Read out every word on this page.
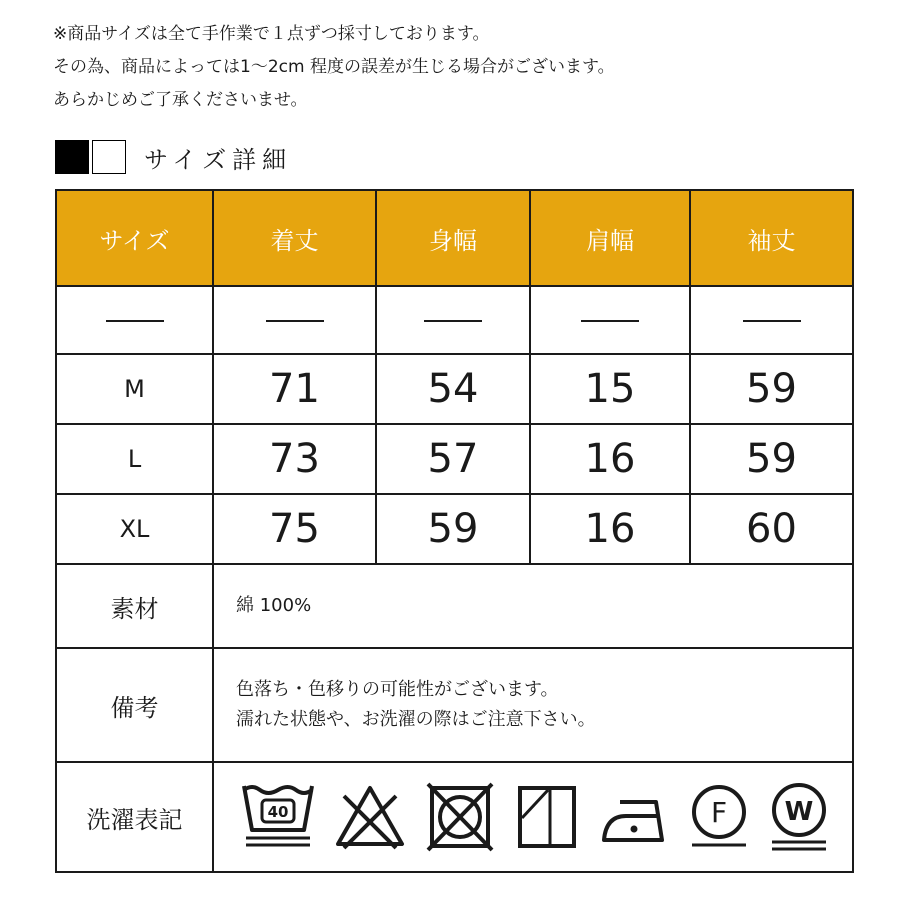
※商品サイズは全て手作業で１点ずつ採寸しております。
その為、商品によっては1～2cm 程度の誤差が生じる場合がございます。
あらかじめご了承くださいませ。
サイズ詳細
サイズ	着丈	身幅	肩幅	袖丈

M	71	54	15	59
L	73	57	16	59
XL	75	59	16	60
素材	綿 100%			
備考	色落ち・色移りの可能性がございます。
濡れた状態や、お洗濯の際はご注意下さい。			

洗濯表記	40 F W			
